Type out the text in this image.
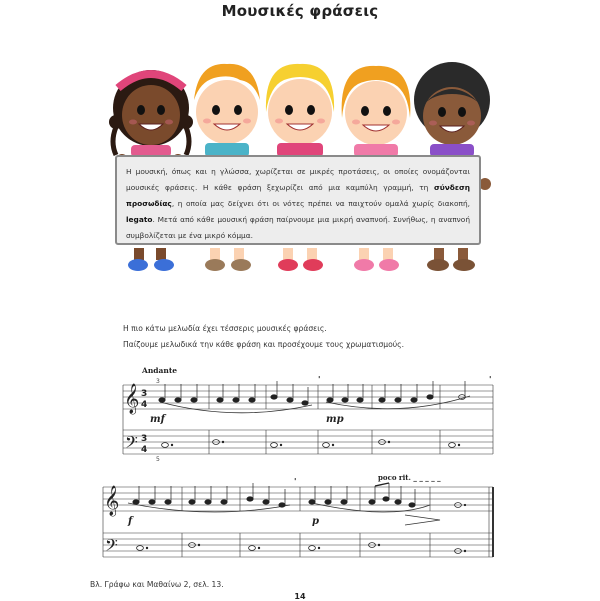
Μουσικές φράσεις
Η μουσική, όπως και η γλώσσα, χωρίζεται σε μικρές προτάσεις, οι οποίες ονομάζονται μουσικές φράσεις. Η κάθε φράση ξεχωρίζει από μια καμπύλη γραμμή, τη σύνδεση προσωδίας, η οποία μας δείχνει ότι οι νότες πρέπει να παιχτούν ομαλά χωρίς διακοπή, legato. Μετά από κάθε μουσική φράση παίρνουμε μια μικρή αναπνοή. Συνήθως, η αναπνοή συμβολίζεται με ένα μικρό κόμμα.
Η πιο κάτω μελωδία έχει τέσσερις μουσικές φράσεις.
Παίζουμε μελωδικά την κάθε φράση και προσέχουμε τους χρωματισμούς.
Andante
poco rit. _ _ _ _ _
𝄞
𝄢
𝄞
𝄢
3
4
3
4
3
5
mf	mp
f	p
'	'
'
Βλ. Γράφω και Μαθαίνω 2, σελ. 13.
14
